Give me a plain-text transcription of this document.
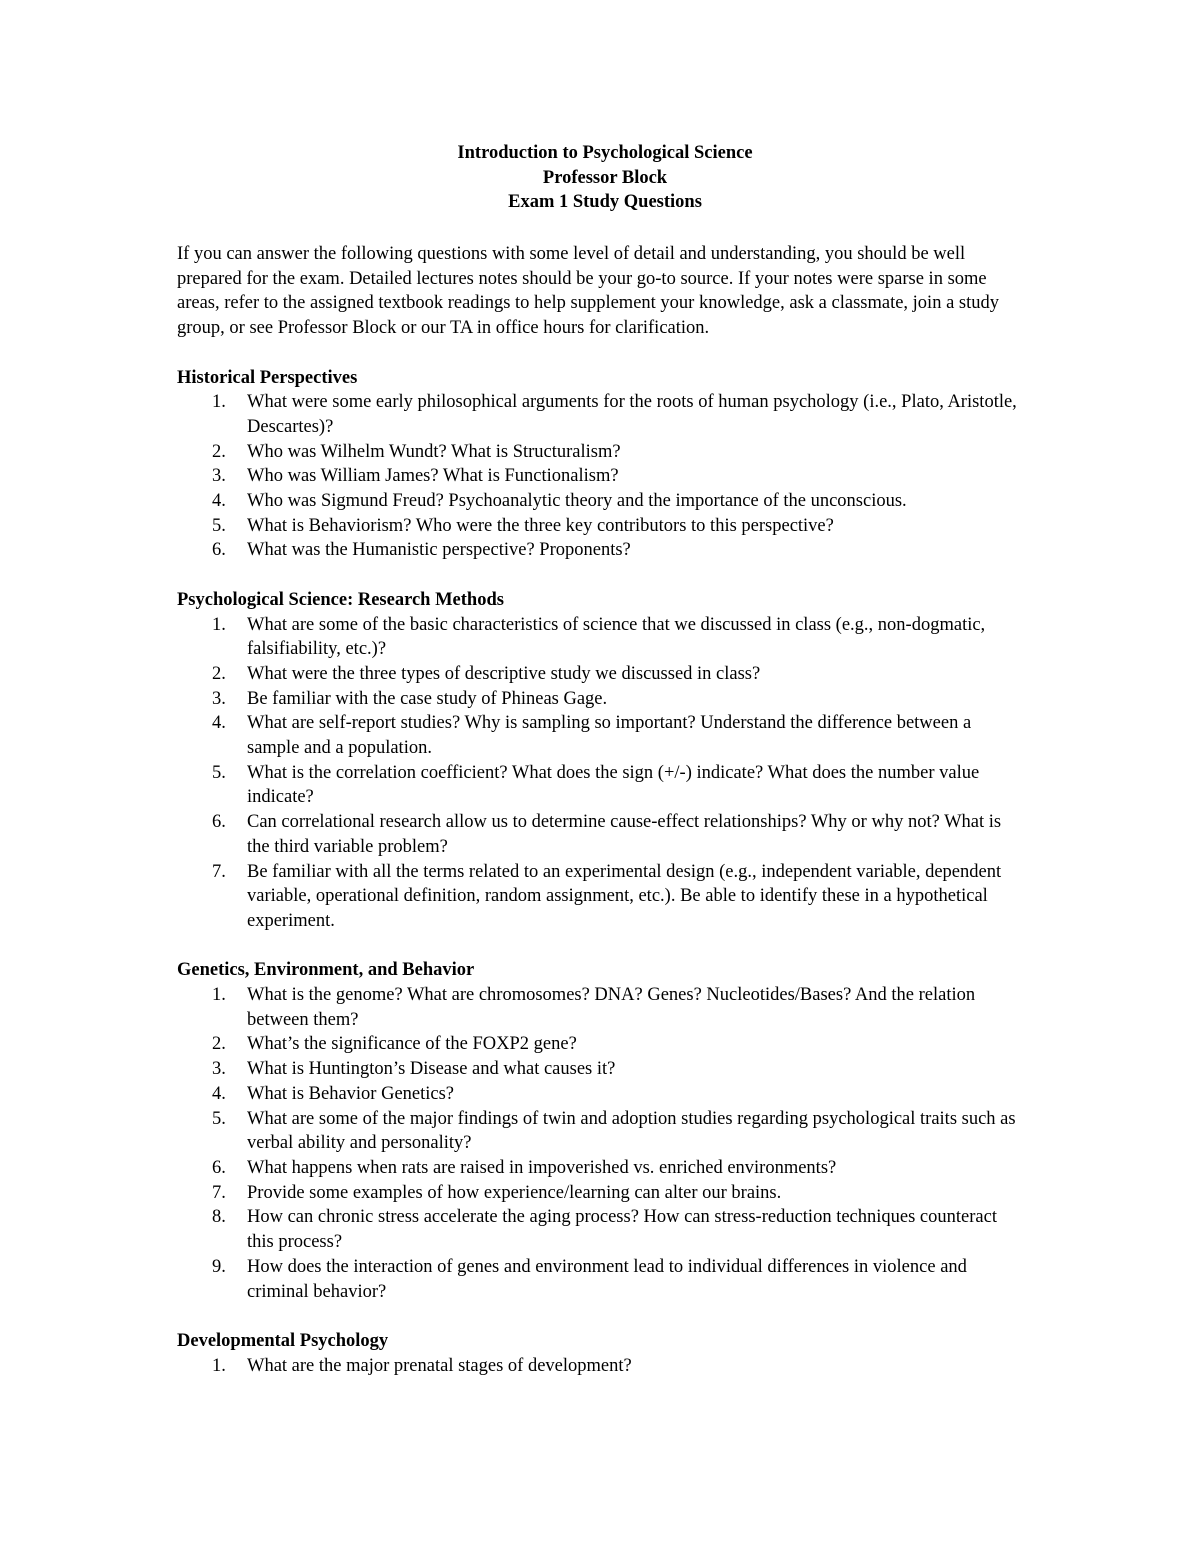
Introduction to Psychological Science
Professor Block
Exam 1 Study Questions
If you can answer the following questions with some level of detail and understanding, you should be well prepared for the exam. Detailed lectures notes should be your go-to source. If your notes were sparse in some areas, refer to the assigned textbook readings to help supplement your knowledge, ask a classmate, join a study group, or see Professor Block or our TA in office hours for clarification.
Historical Perspectives
1. What were some early philosophical arguments for the roots of human psychology (i.e., Plato, Aristotle, Descartes)?
2. Who was Wilhelm Wundt? What is Structuralism?
3. Who was William James? What is Functionalism?
4. Who was Sigmund Freud? Psychoanalytic theory and the importance of the unconscious.
5. What is Behaviorism? Who were the three key contributors to this perspective?
6. What was the Humanistic perspective? Proponents?
Psychological Science: Research Methods
1. What are some of the basic characteristics of science that we discussed in class (e.g., non-dogmatic, falsifiability, etc.)?
2. What were the three types of descriptive study we discussed in class?
3. Be familiar with the case study of Phineas Gage.
4. What are self-report studies? Why is sampling so important? Understand the difference between a sample and a population.
5. What is the correlation coefficient? What does the sign (+/-) indicate? What does the number value indicate?
6. Can correlational research allow us to determine cause-effect relationships? Why or why not? What is the third variable problem?
7. Be familiar with all the terms related to an experimental design (e.g., independent variable, dependent variable, operational definition, random assignment, etc.). Be able to identify these in a hypothetical experiment.
Genetics, Environment, and Behavior
1. What is the genome? What are chromosomes? DNA? Genes? Nucleotides/Bases? And the relation between them?
2. What’s the significance of the FOXP2 gene?
3. What is Huntington’s Disease and what causes it?
4. What is Behavior Genetics?
5. What are some of the major findings of twin and adoption studies regarding psychological traits such as verbal ability and personality?
6. What happens when rats are raised in impoverished vs. enriched environments?
7. Provide some examples of how experience/learning can alter our brains.
8. How can chronic stress accelerate the aging process? How can stress-reduction techniques counteract this process?
9. How does the interaction of genes and environment lead to individual differences in violence and criminal behavior?
Developmental Psychology
1. What are the major prenatal stages of development?
